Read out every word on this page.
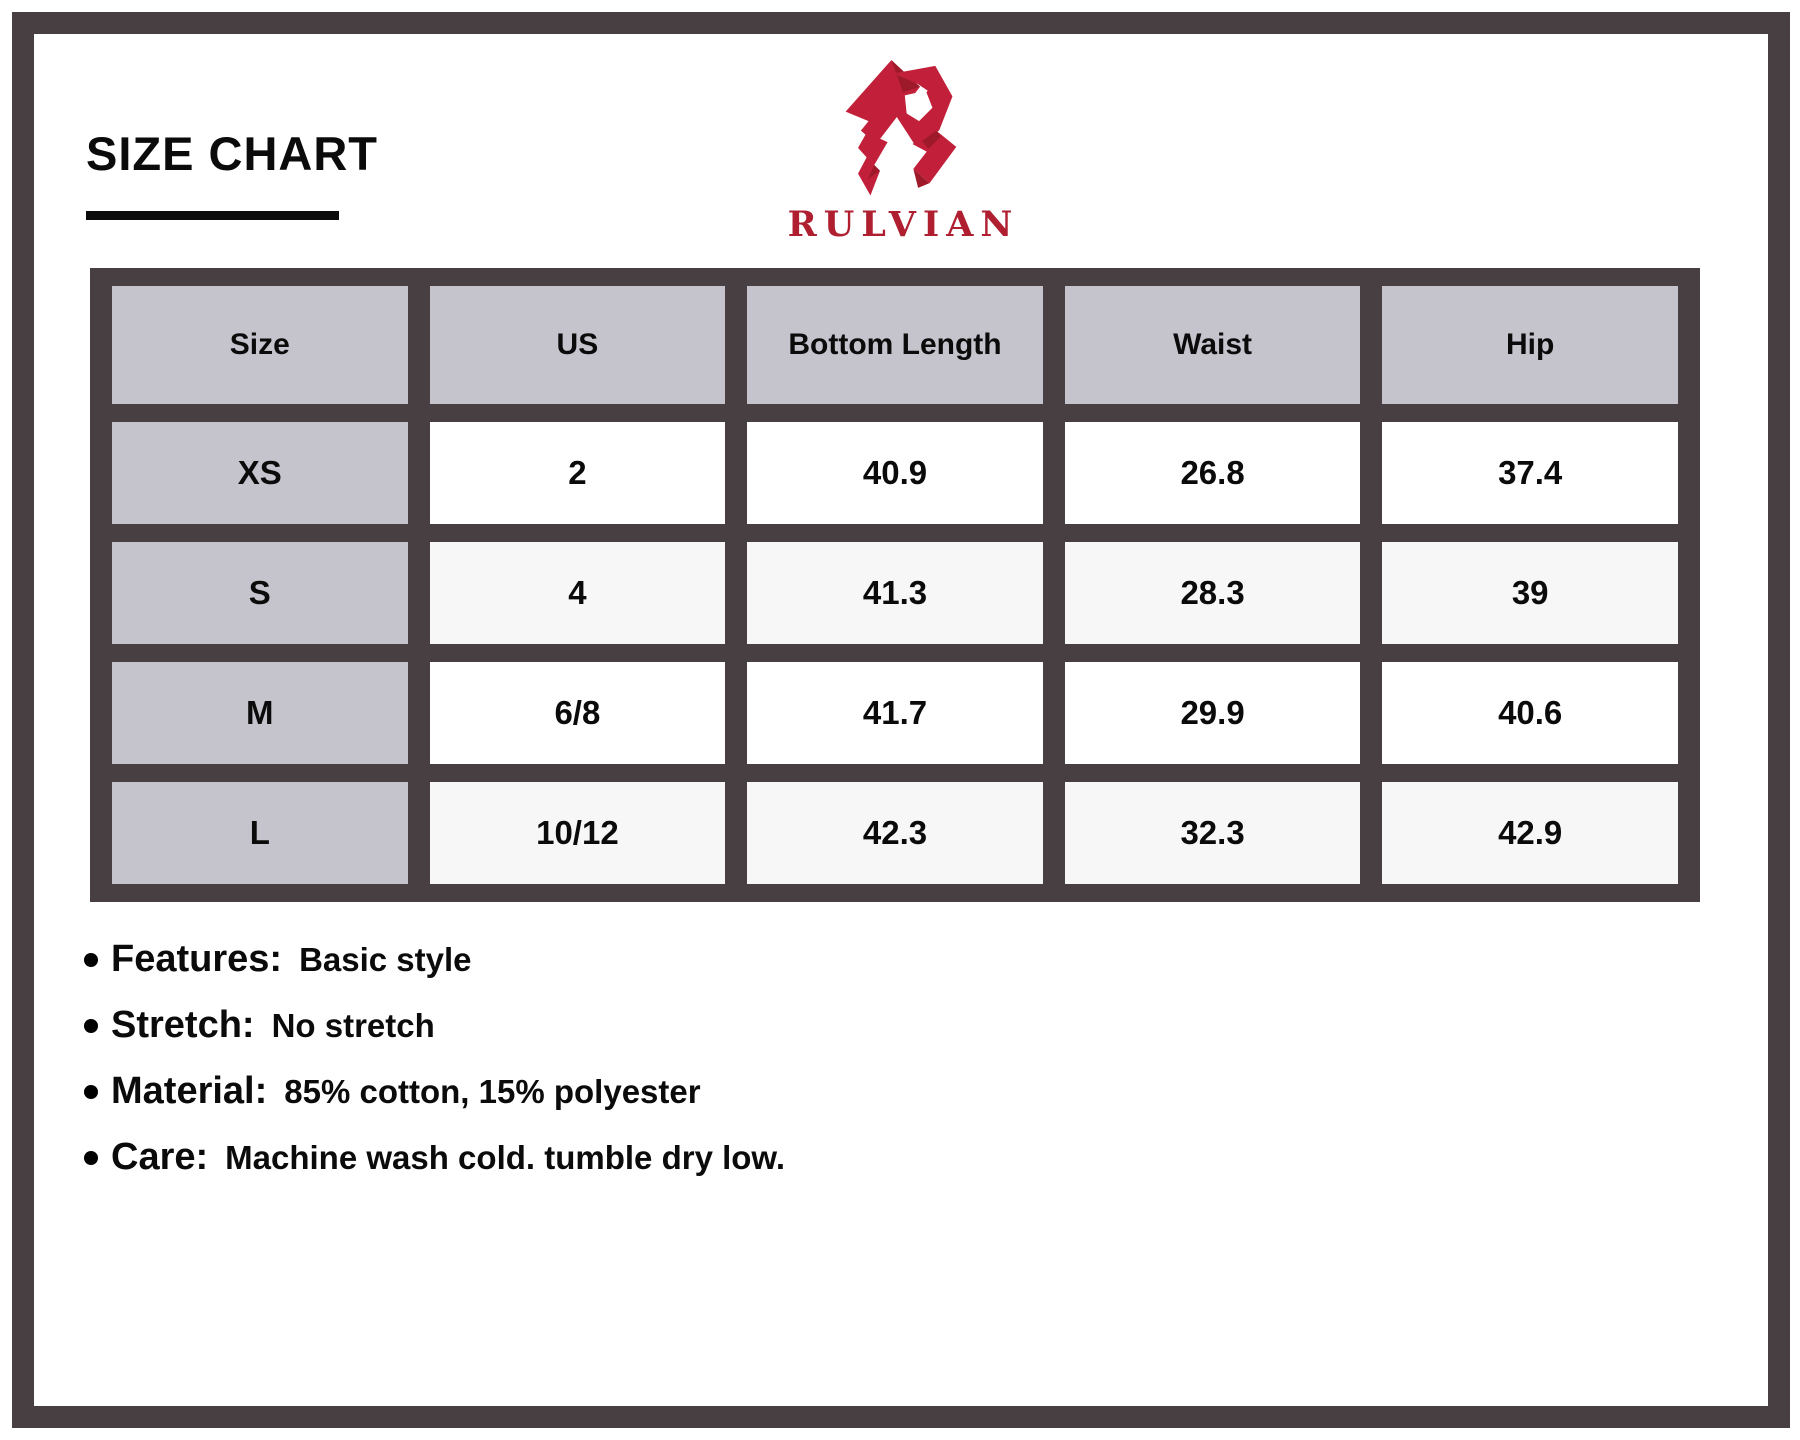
SIZE CHART
RULVIAN
Size	US	Bottom Length	Waist	Hip
XS	2	40.9	26.8	37.4
S	4	41.3	28.3	39
M	6/8	41.7	29.9	40.6
L	10/12	42.3	32.3	42.9
Features: Basic style
Stretch: No stretch
Material: 85% cotton, 15% polyester
Care: Machine wash cold. tumble dry low.
